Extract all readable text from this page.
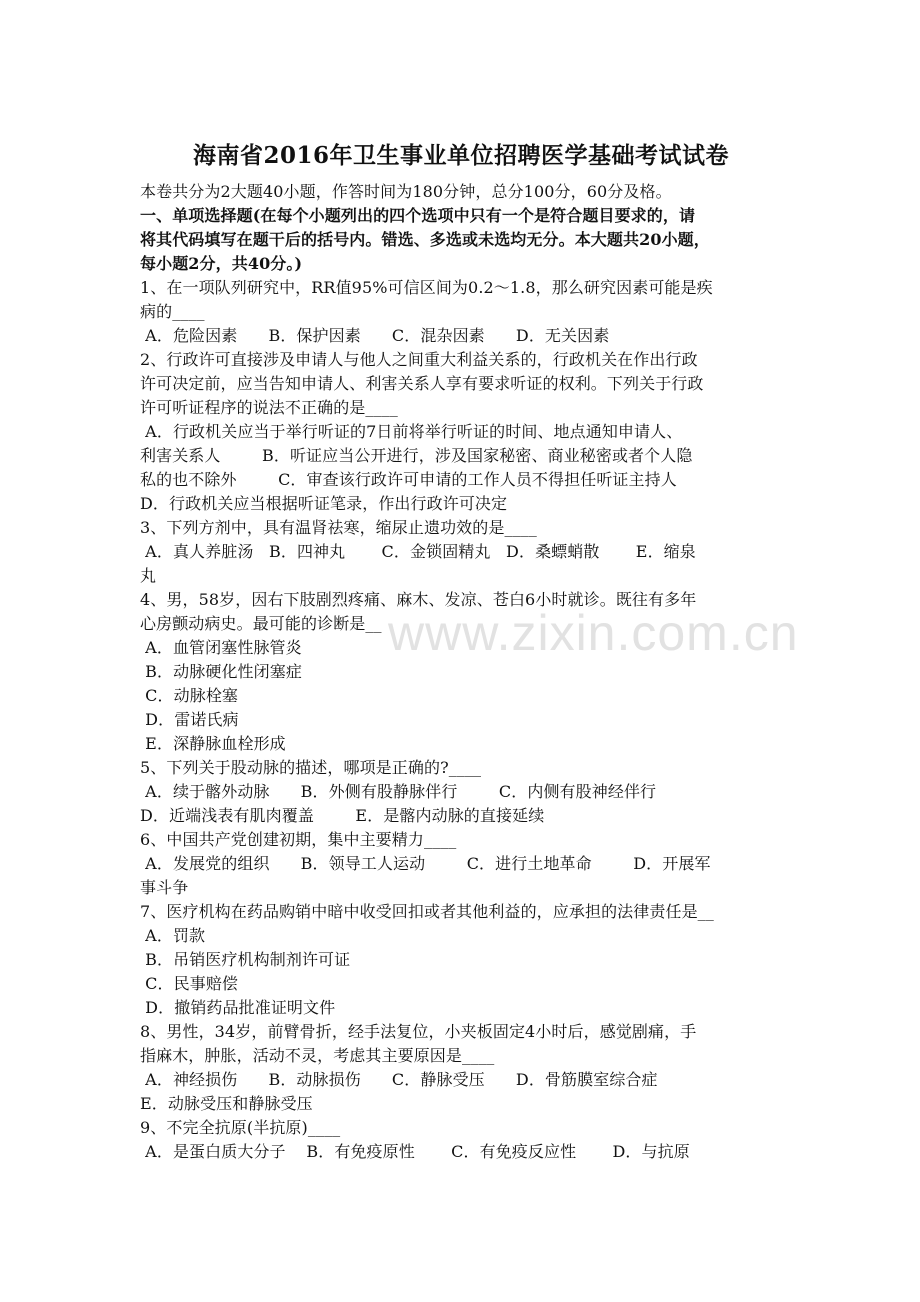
海南省2016年卫生事业单位招聘医学基础考试试卷
本卷共分为2大题40小题，作答时间为180分钟，总分100分，60分及格。
一、单项选择题(在每个小题列出的四个选项中只有一个是符合题目要求的，请
将其代码填写在题干后的括号内。错选、多选或未选均无分。本大题共20小题，
每小题2分，共40分。)
1、在一项队列研究中，RR值95%可信区间为0.2～1.8，那么研究因素可能是疾
病的____
A．危险因素      B．保护因素      C．混杂因素      D．无关因素
2、行政许可直接涉及申请人与他人之间重大利益关系的，行政机关在作出行政
许可决定前，应当告知申请人、利害关系人享有要求听证的权利。下列关于行政
许可听证程序的说法不正确的是____
A．行政机关应当于举行听证的7日前将举行听证的时间、地点通知申请人、
利害关系人        B．听证应当公开进行，涉及国家秘密、商业秘密或者个人隐
私的也不除外        C．审查该行政许可申请的工作人员不得担任听证主持人
D．行政机关应当根据听证笔录，作出行政许可决定
3、下列方剂中，具有温肾祛寒，缩尿止遗功效的是____
A．真人养脏汤   B．四神丸       C．金锁固精丸   D．桑螵蛸散       E．缩泉
丸
4、男，58岁，因右下肢剧烈疼痛、麻木、发凉、苍白6小时就诊。既往有多年
心房颤动病史。最可能的诊断是__
A．血管闭塞性脉管炎
B．动脉硬化性闭塞症
C．动脉栓塞
D．雷诺氏病
E．深静脉血栓形成
5、下列关于股动脉的描述，哪项是正确的?____
A．续于髂外动脉      B．外侧有股静脉伴行        C．内侧有股神经伴行
D．近端浅表有肌肉覆盖        E．是髂内动脉的直接延续
6、中国共产党创建初期，集中主要精力____
A．发展党的组织      B．领导工人运动        C．进行土地革命        D．开展军
事斗争
7、医疗机构在药品购销中暗中收受回扣或者其他利益的，应承担的法律责任是__
A．罚款
B．吊销医疗机构制剂许可证
C．民事赔偿
D．撤销药品批准证明文件
8、男性，34岁，前臂骨折，经手法复位，小夹板固定4小时后，感觉剧痛，手
指麻木，肿胀，活动不灵，考虑其主要原因是____
A．神经损伤      B．动脉损伤      C．静脉受压      D．骨筋膜室综合症
E．动脉受压和静脉受压
9、不完全抗原(半抗原)____
A．是蛋白质大分子    B．有免疫原性       C．有免疫反应性       D．与抗原
www.zixin.com.cn
